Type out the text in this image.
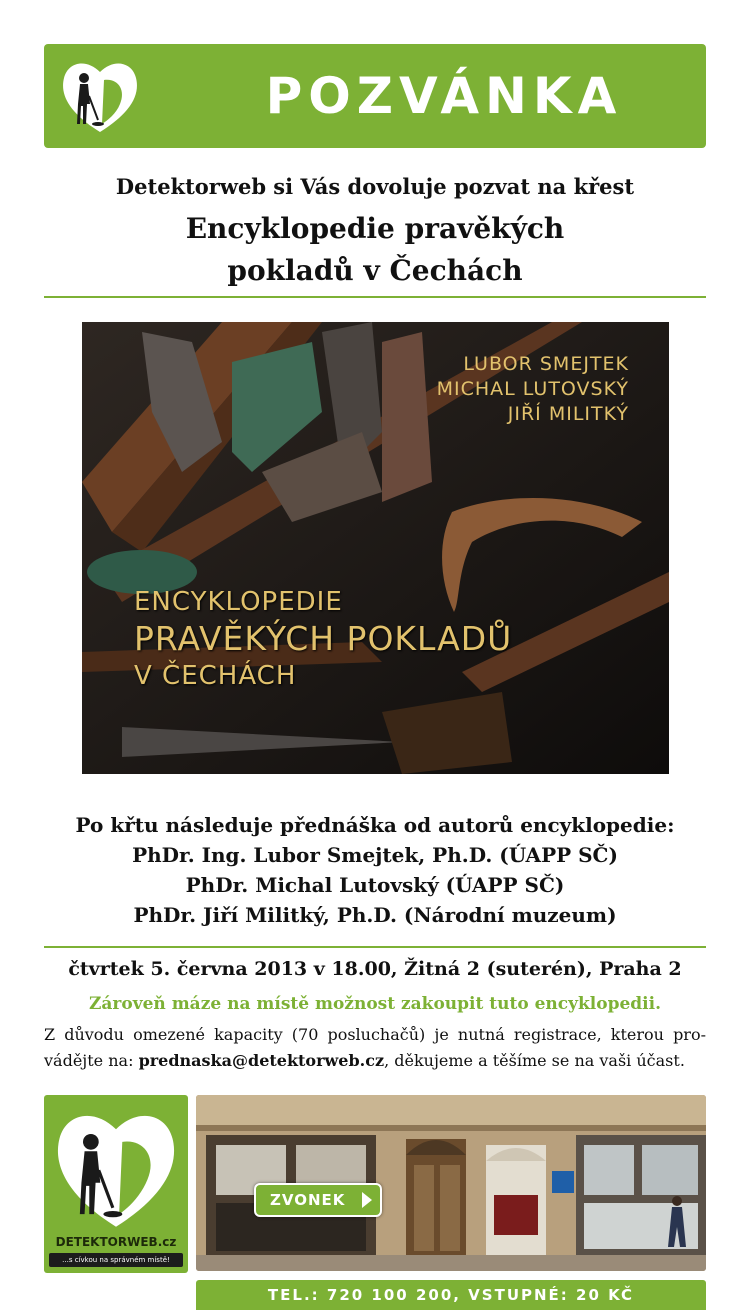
POZVÁNKA
Detektorweb si Vás dovoluje pozvat na křest
Encyklopedie pravěkých
pokladů v Čechách
LUBOR SMEJTEK
MICHAL LUTOVSKÝ
JIŘÍ MILITKÝ
ENCYKLOPEDIE
PRAVĚKÝCH POKLADŮ
V ČECHÁCH
Po křtu následuje přednáška od autorů encyklopedie:
PhDr. Ing. Lubor Smejtek, Ph.D. (ÚAPP SČ)
PhDr. Michal Lutovský (ÚAPP SČ)
PhDr. Jiří Militký, Ph.D. (Národní muzeum)
čtvrtek 5. června 2013 v 18.00, Žitná 2 (suterén), Praha 2
Zároveň máze na místě možnost zakoupit tuto encyklopedii.
Z důvodu omezené kapacity (70 posluchačů) je nutná registrace, kterou pro-vádějte na: prednaska@detektorweb.cz, děkujeme a těšíme se na vaši účast.
DETEKTORWEB.cz
...s cívkou na správném místě!
ZVONEK
TEL.: 720 100 200, VSTUPNÉ: 20 KČ
